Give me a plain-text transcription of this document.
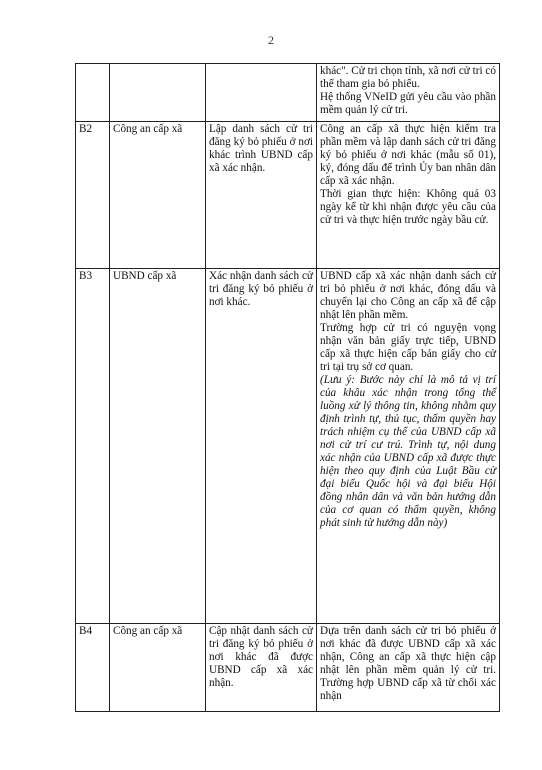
2

			khác". Cử tri chọn tỉnh, xã nơi cử tri có thể tham gia bỏ phiếu.
Hệ thống VNeID gửi yêu cầu vào phần mềm quản lý cử tri.

B2	Công an cấp xã	Lập danh sách cử tri đăng ký bỏ phiếu ở nơi khác trình UBND cấp xã xác nhận.	Công an cấp xã thực hiện kiểm tra phần mềm và lập danh sách cử tri đăng ký bỏ phiếu ở nơi khác (mẫu số 01), ký, đóng dấu để trình Ủy ban nhân dân cấp xã xác nhận.
Thời gian thực hiện: Không quá 03 ngày kể từ khi nhận được yêu cầu của cử tri và thực hiện trước ngày bầu cử.

B3	UBND cấp xã	Xác nhận danh sách cử tri đăng ký bỏ phiếu ở nơi khác.	UBND cấp xã xác nhận danh sách cử tri bỏ phiếu ở nơi khác, đóng dấu và chuyển lại cho Công an cấp xã để cập nhật lên phần mềm.
Trường hợp cử tri có nguyện vọng nhận văn bản giấy trực tiếp, UBND cấp xã thực hiện cấp bản giấy cho cử tri tại trụ sở cơ quan.
(Lưu ý: Bước này chỉ là mô tả vị trí của khâu xác nhận trong tổng thể luồng xử lý thông tin, không nhằm quy định trình tự, thủ tục, thẩm quyền hay trách nhiệm cụ thể của UBND cấp xã nơi cử trí cư trú. Trình tự, nội dung xác nhận của UBND cấp xã được thực hiện theo quy định của Luật Bầu cử đại biểu Quốc hội và đại biểu Hội đồng nhân dân và văn bản hướng dẫn của cơ quan có thẩm quyền, không phát sinh từ hướng dẫn này)

B4	Công an cấp xã	Cập nhật danh sách cử tri đăng ký bỏ phiếu ở nơi khác đã được UBND cấp xã xác nhận.	Dựa trên danh sách cử tri bỏ phiếu ở nơi khác đã được UBND cấp xã xác nhận, Công an cấp xã thực hiện cập nhật lên phần mềm quản lý cử tri. Trường hợp UBND cấp xã từ chối xác nhận
